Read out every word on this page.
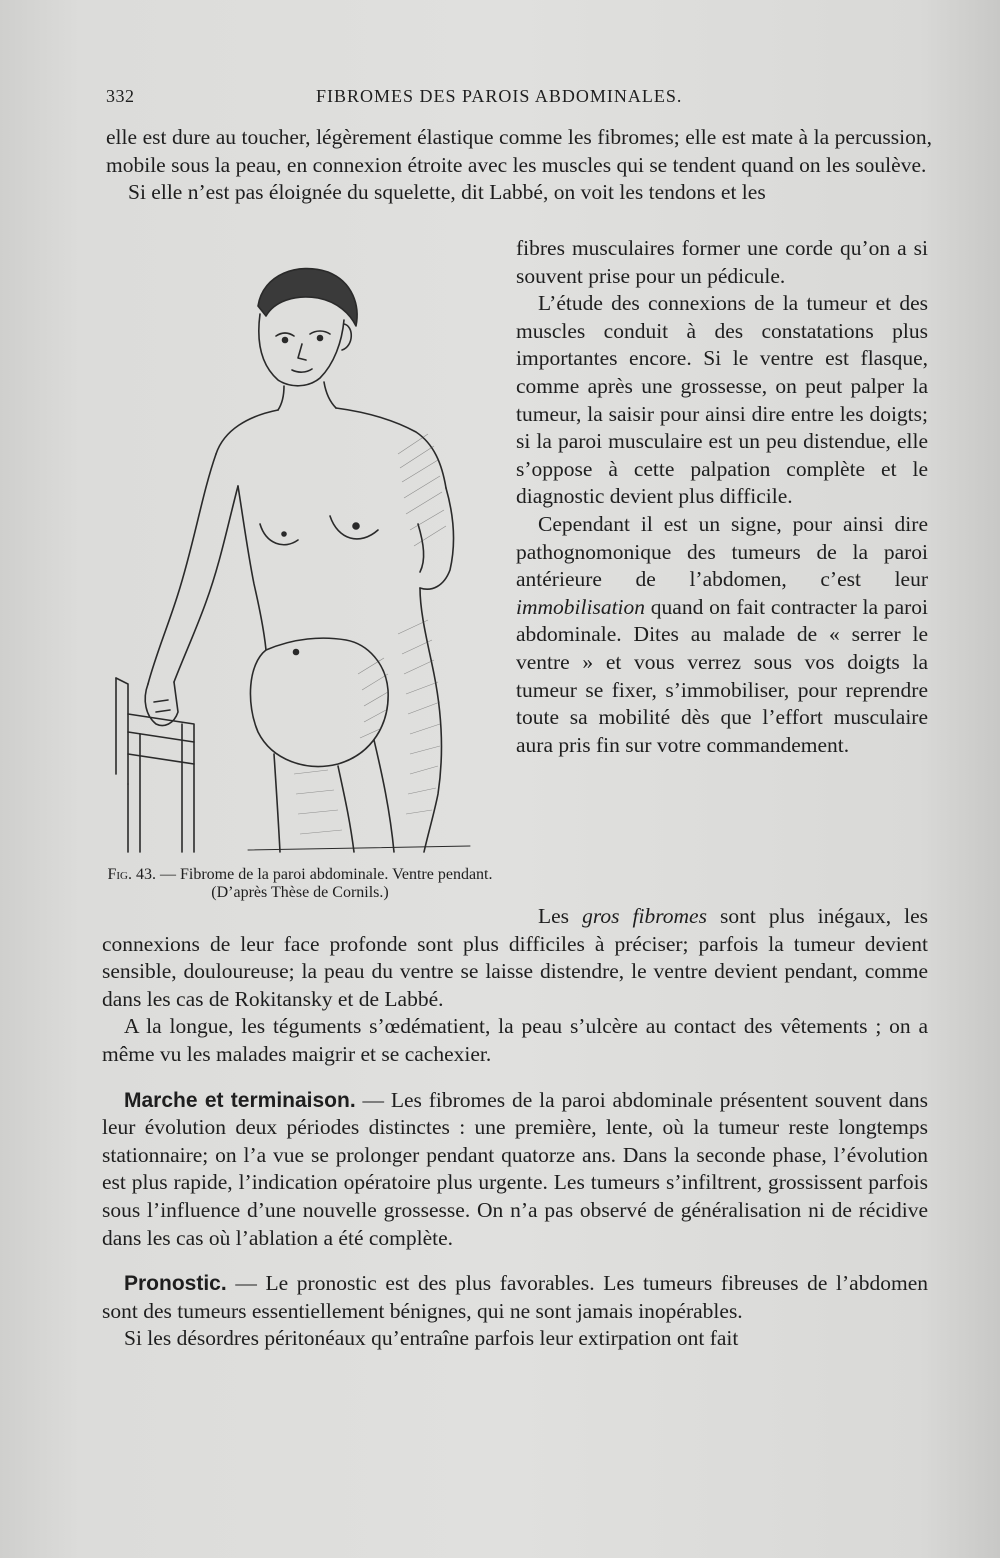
332	FIBROMES DES PAROIS ABDOMINALES.

elle est dure au toucher, légèrement élastique comme les fibromes; elle est mate à la percussion, mobile sous la peau, en connexion étroite avec les muscles qui se tendent quand on les soulève.

Si elle n’est pas éloignée du squelette, dit Labbé, on voit les tendons et les

fibres musculaires former une corde qu’on a si souvent prise pour un pédicule.

L’étude des connexions de la tumeur et des muscles conduit à des constatations plus importantes encore. Si le ventre est flasque, comme après une grossesse, on peut palper la tumeur, la saisir pour ainsi dire entre les doigts; si la paroi musculaire est un peu distendue, elle s’oppose à cette palpation complète et le diagnostic devient plus difficile.

Cependant il est un signe, pour ainsi dire pathognomonique des tumeurs de la paroi antérieure de l’abdomen, c’est leur immobilisation quand on fait contracter la paroi abdominale. Dites au malade de « serrer le ventre » et vous verrez sous vos doigts la tumeur se fixer, s’immobiliser, pour reprendre toute sa mobilité dès que l’effort musculaire aura pris fin sur votre commandement.

Fig. 43. — Fibrome de la paroi abdominale. Ventre pendant. (D’après Thèse de Cornils.)

Les gros fibromes sont plus inégaux, les connexions de leur face profonde sont plus difficiles à préciser; parfois la tumeur devient sensible, douloureuse; la peau du ventre se laisse distendre, le ventre devient pendant, comme dans les cas de Rokitansky et de Labbé.

A la longue, les téguments s’œdématient, la peau s’ulcère au contact des vêtements ; on a même vu les malades maigrir et se cachexier.

Marche et terminaison. — Les fibromes de la paroi abdominale présentent souvent dans leur évolution deux périodes distinctes : une première, lente, où la tumeur reste longtemps stationnaire; on l’a vue se prolonger pendant quatorze ans. Dans la seconde phase, l’évolution est plus rapide, l’indication opératoire plus urgente. Les tumeurs s’infiltrent, grossissent parfois sous l’influence d’une nouvelle grossesse. On n’a pas observé de généralisation ni de récidive dans les cas où l’ablation a été complète.

Pronostic. — Le pronostic est des plus favorables. Les tumeurs fibreuses de l’abdomen sont des tumeurs essentiellement bénignes, qui ne sont jamais inopérables.

Si les désordres péritonéaux qu’entraîne parfois leur extirpation ont fait
